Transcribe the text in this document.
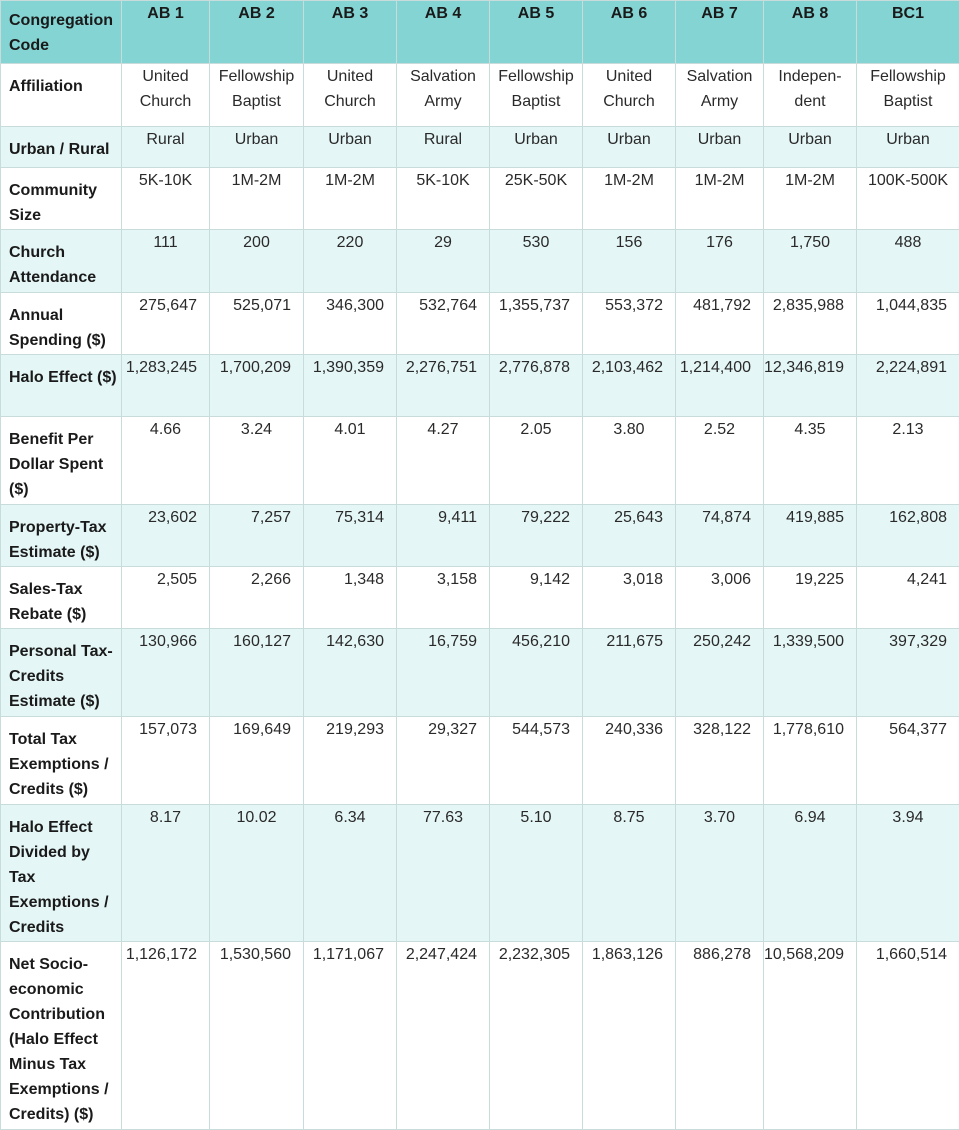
Congregation Code	AB 1	AB 2	AB 3	AB 4	AB 5	AB 6	AB 7	AB 8	BC1
Affiliation	United Church	Fellowship Baptist	United Church	Salvation Army	Fellowship Baptist	United Church	Salvation Army	Indepen-dent	Fellowship Baptist
Urban / Rural	Rural	Urban	Urban	Rural	Urban	Urban	Urban	Urban	Urban
Community Size	5K-10K	1M-2M	1M-2M	5K-10K	25K-50K	1M-2M	1M-2M	1M-2M	100K-500K
Church Attendance	111	200	220	29	530	156	176	1,750	488
Annual Spending ($)	275,647	525,071	346,300	532,764	1,355,737	553,372	481,792	2,835,988	1,044,835
Halo Effect ($)	1,283,245	1,700,209	1,390,359	2,276,751	2,776,878	2,103,462	1,214,400	12,346,819	2,224,891
Benefit Per Dollar Spent ($)	4.66	3.24	4.01	4.27	2.05	3.80	2.52	4.35	2.13
Property-Tax Estimate ($)	23,602	7,257	75,314	9,411	79,222	25,643	74,874	419,885	162,808
Sales-Tax Rebate ($)	2,505	2,266	1,348	3,158	9,142	3,018	3,006	19,225	4,241
Personal Tax-Credits Estimate ($)	130,966	160,127	142,630	16,759	456,210	211,675	250,242	1,339,500	397,329
Total Tax Exemptions / Credits ($)	157,073	169,649	219,293	29,327	544,573	240,336	328,122	1,778,610	564,377
Halo Effect Divided by Tax Exemptions / Credits	8.17	10.02	6.34	77.63	5.10	8.75	3.70	6.94	3.94
Net Socio-economic Contribution (Halo Effect Minus Tax Exemptions / Credits) ($)	1,126,172	1,530,560	1,171,067	2,247,424	2,232,305	1,863,126	886,278	10,568,209	1,660,514
